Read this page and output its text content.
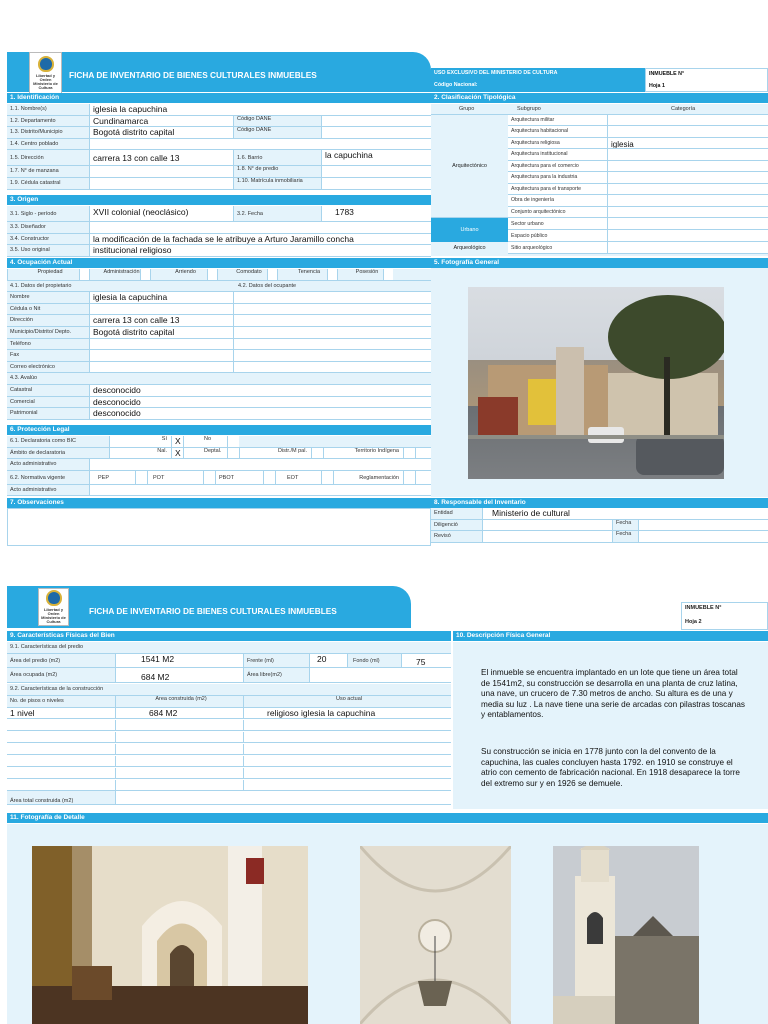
Libertad y Orden Ministerio de Cultura
FICHA DE INVENTARIO DE BIENES CULTURALES INMUEBLES	USO EXCLUSIVO DEL MINISTERIO DE CULTURA
Código Nacional:
INMUEBLE N°
Hoja 1
1. Identificación
1.1. Nombre(s)	iglesia la capuchina
1.2. Departamento	Cundinamarca	Código DANE
1.3. Distrito/Municipio	Bogotá distrito capital	Código DANE
1.4. Centro poblado
1.5. Dirección	carrera 13 con calle 13	1.6. Barrio	la capuchina
1.7. N° de manzana	1.8. N° de predio
1.9. Cédula catastral	1.10. Matrícula inmobiliaria
3. Origen
3.1. Siglo - período	XVII colonial (neoclásico)	3.2. Fecha	1783
3.3. Diseñador
3.4. Constructor	la modificación de la fachada se le atribuye a Arturo Jaramillo concha
3.5. Uso original	institucional religioso
4. Ocupación Actual
Propiedad	Administración	Arriendo	Comodato	Tenencia	Posesión
4.1. Datos del propietario	4.2. Datos del ocupante
Nombre	iglesia la capuchina
Cédula o Nit
Dirección	carrera 13 con calle 13
Municipio/Distrito/ Depto.	Bogotá distrito capital
Teléfono
Fax
Correo electrónico
4.3. Avalúo
Catastral	desconocido
Comercial	desconocido
Patrimonial	desconocido
6. Protección Legal
6.1. Declaratoria como BIC	Sí X	No
Ámbito de declaratoria	Nal. X	Deptal.	Distr./M pal.	Territorio Indígena
Acto administrativo
6.2. Normativa vigente	PEP	POT	PBOT	EOT	Reglamentación
Acto administrativo
7. Observaciones
2. Clasificación Tipológica
Grupo	Subgrupo	Categoría
Arquitectónico
Arquitectura militar
Arquitectura habitacional
Arquitectura religiosa	iglesia
Arquitectura institucional
Arquitectura para el comercio
Arquitectura para la industria
Arquitectura para el transporte
Obra de ingeniería
Conjunto arquitectónico
Urbano
Sector urbano
Espacio público
Arqueológico	Sitio arqueológico
5. Fotografía General
8. Responsable del Inventario
Entidad	Ministerio de cultural
Diligenció	Fecha
Revisó	Fecha
Libertad y Orden Ministerio de Cultura
FICHA DE INVENTARIO DE BIENES CULTURALES INMUEBLES	INMUEBLE N°
Hoja 2
9. Características Físicas del Bien
9.1. Características del predio
Área del predio (m2)	1541 M2	Frente (ml)	20	Fondo (ml)	75
Área ocupada (m2)	684 M2	Área libre(m2)
9.2. Características de la construcción
No. de pisos o niveles	Área construida (m2)	Uso actual
1 nivel	684 M2	religioso iglesia la capuchina
Área total construida (m2)
10. Descripción Física General
El inmueble se encuentra implantado en un lote que tiene un área total de 1541m2, su construcción se desarrolla en una planta de cruz latina, una nave, un crucero de 7.30 metros de ancho. Su altura es de una y media su luz . La nave tiene una serie de arcadas con pilastras toscanas y entablamentos.
Su construcción se inicia en 1778 junto con la del convento de la capuchina, las cuales concluyen hasta 1792. en 1910 se construye el atrio con cemento de fabricación nacional. En 1918 desaparece la torre del extremo sur y en 1926 se demuele.
11. Fotografía de Detalle
